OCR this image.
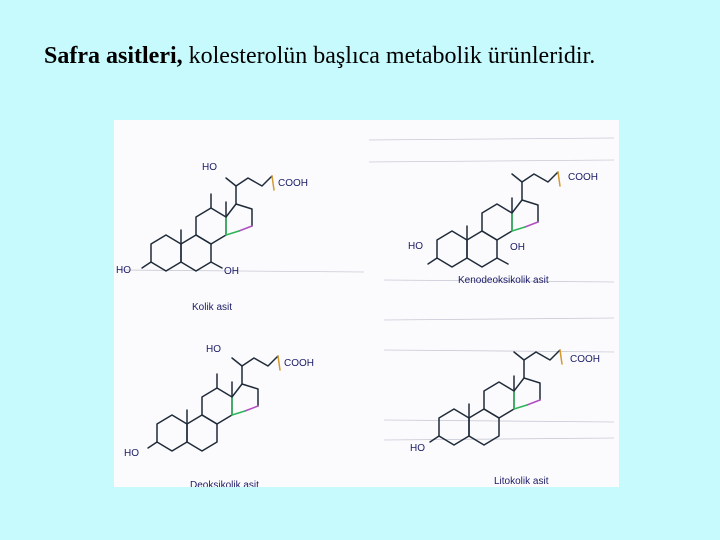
Safra asitleri, kolesterolün başlıca metabolik ürünleridir.
HO	OH
HO
COOH
Kolik asit
HO	OH
COOH
Kenodeoksikolik asit
HO
HO
COOH
Deoksikolik asit
HO
COOH
Litokolik asit
